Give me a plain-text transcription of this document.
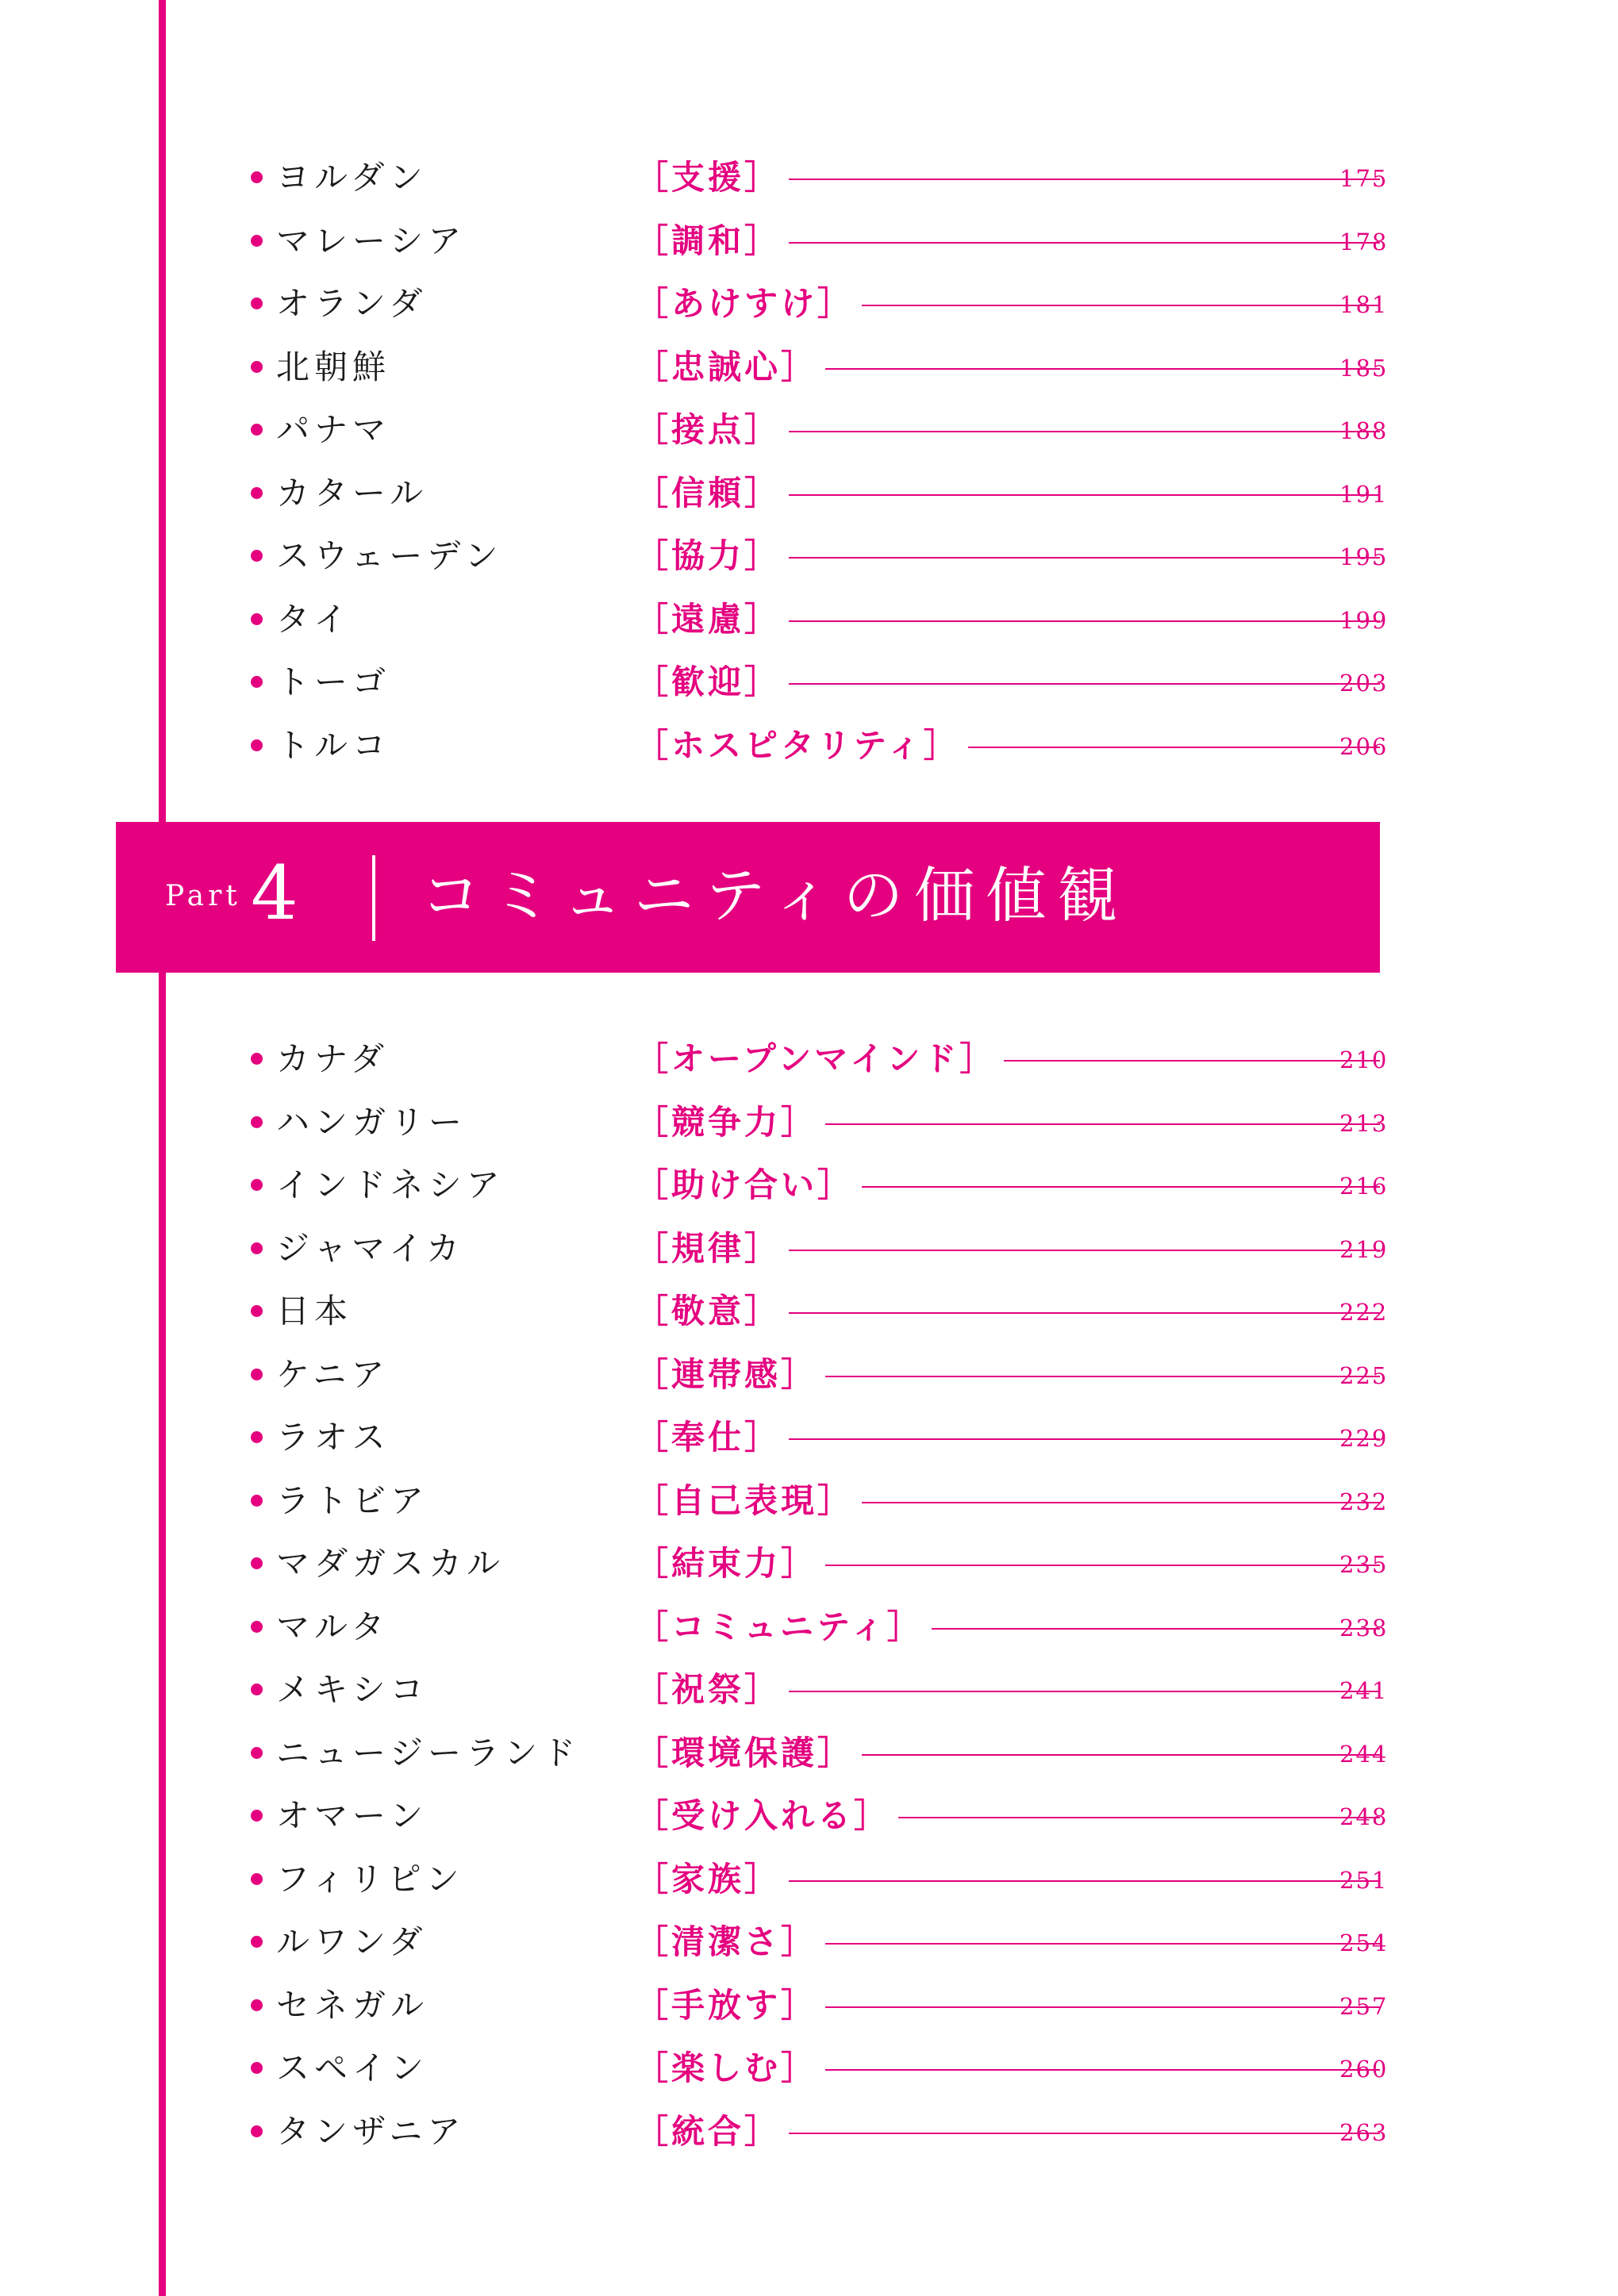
• ヨルダン	［支援］	175
• マレーシア	［調和］	178
• オランダ	［あけすけ］	181
• 北朝鮮	［忠誠心］	185
• パナマ	［接点］	188
• カタール	［信頼］	191
• スウェーデン	［協力］	195
• タイ	［遠慮］	199
• トーゴ	［歓迎］	203
• トルコ	［ホスピタリティ］	206
Part 4 コミュニティの価値観
• カナダ	［オープンマインド］	210
• ハンガリー	［競争力］	213
• インドネシア	［助け合い］	216
• ジャマイカ	［規律］	219
• 日本	［敬意］	222
• ケニア	［連帯感］	225
• ラオス	［奉仕］	229
• ラトビア	［自己表現］	232
• マダガスカル	［結束力］	235
• マルタ	［コミュニティ］	238
• メキシコ	［祝祭］	241
• ニュージーランド ［環境保護］	244
• オマーン	［受け入れる］	248
• フィリピン	［家族］	251
• ルワンダ	［清潔さ］	254
• セネガル	［手放す］	257
• スペイン	［楽しむ］	260
• タンザニア	［統合］	263
